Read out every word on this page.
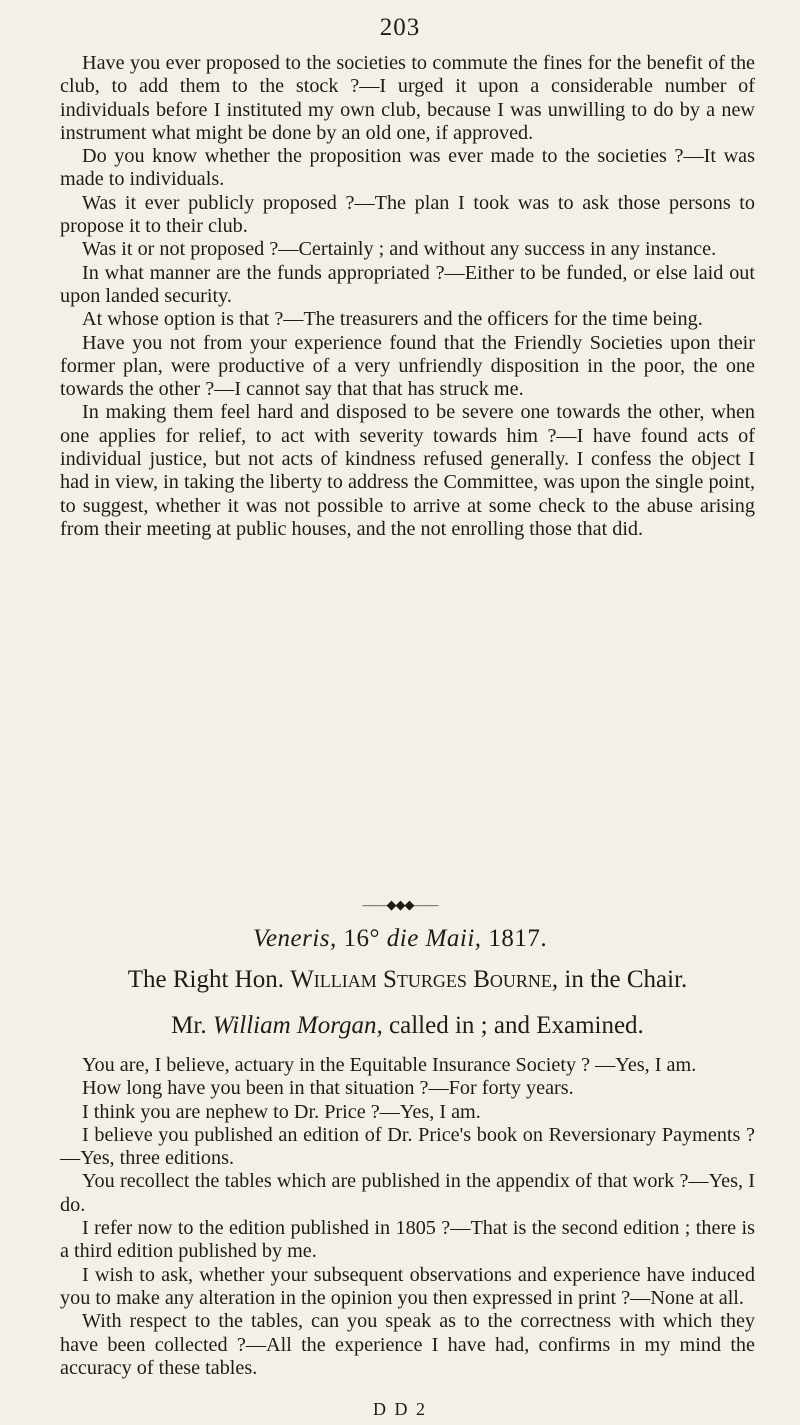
203

Have you ever proposed to the societies to commute the fines for the benefit of the club, to add them to the stock ?—I urged it upon a considerable number of individuals before I instituted my own club, because I was unwilling to do by a new instrument what might be done by an old one, if approved.

Do you know whether the proposition was ever made to the societies ?—It was made to individuals.

Was it ever publicly proposed ?—The plan I took was to ask those persons to propose it to their club.

Was it or not proposed ?—Certainly ; and without any success in any instance.

In what manner are the funds appropriated ?—Either to be funded, or else laid out upon landed security.

At whose option is that ?—The treasurers and the officers for the time being.

Have you not from your experience found that the Friendly Societies upon their former plan, were productive of a very unfriendly disposition in the poor, the one towards the other ?—I cannot say that that has struck me.

In making them feel hard and disposed to be severe one towards the other, when one applies for relief, to act with severity towards him ?—I have found acts of individual justice, but not acts of kindness refused generally. I confess the object I had in view, in taking the liberty to address the Committee, was upon the single point, to suggest, whether it was not possible to arrive at some check to the abuse arising from their meeting at public houses, and the not enrolling those that did.

——◆◆◆——
Veneris, 16° die Maii, 1817.
The Right Hon. William Sturges Bourne, in the Chair.
Mr. William Morgan, called in ; and Examined.

You are, I believe, actuary in the Equitable Insurance Society ? —Yes, I am.

How long have you been in that situation ?—For forty years.

I think you are nephew to Dr. Price ?—Yes, I am.

I believe you published an edition of Dr. Price's book on Reversionary Payments ?—Yes, three editions.

You recollect the tables which are published in the appendix of that work ?—Yes, I do.

I refer now to the edition published in 1805 ?—That is the second edition ; there is a third edition published by me.

I wish to ask, whether your subsequent observations and experience have induced you to make any alteration in the opinion you then expressed in print ?—None at all.

With respect to the tables, can you speak as to the correctness with which they have been collected ?—All the experience I have had, confirms in my mind the accuracy of these tables.

D D 2
